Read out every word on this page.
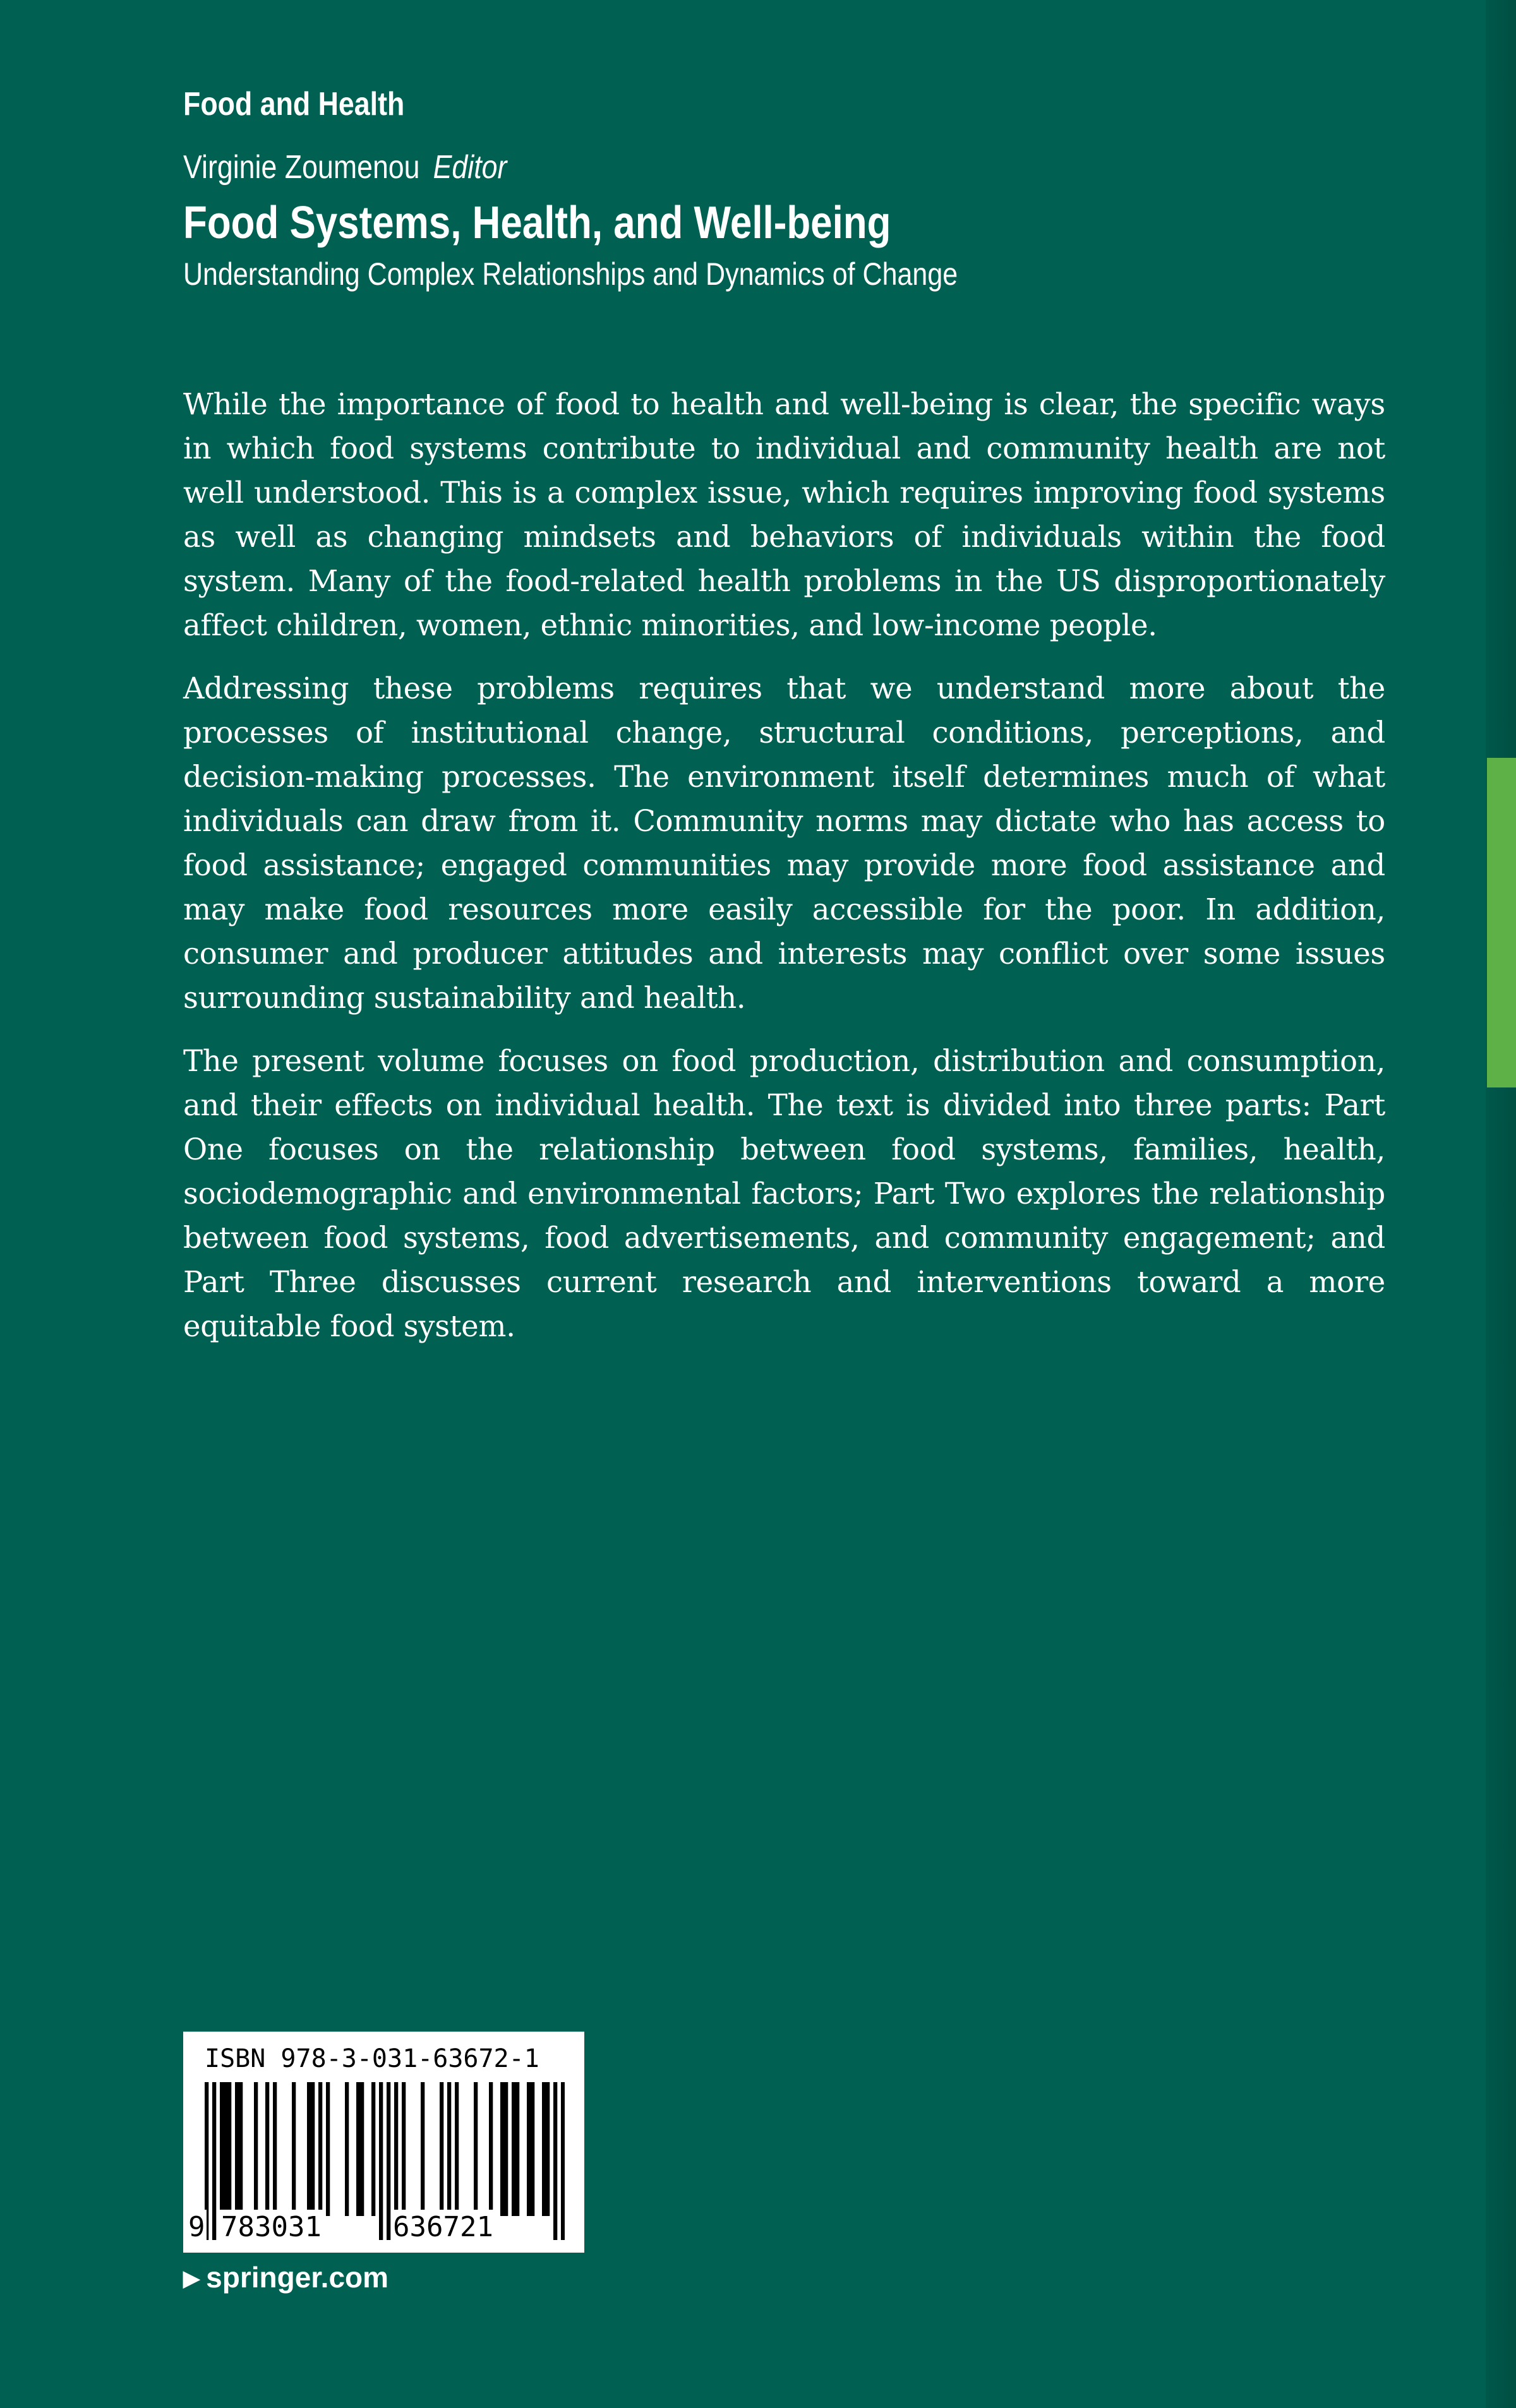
Food and Health
Virginie Zoumenou Editor
Food Systems, Health, and Well-being
Understanding Complex Relationships and Dynamics of Change

While the importance of food to health and well-being is clear, the specific ways in which food systems contribute to individual and community health are not well understood. This is a complex issue, which requires improving food systems as well as changing mindsets and behaviors of individuals within the food system. Many of the food-related health problems in the US disproportionately affect children, women, ethnic minorities, and low-income people.

Addressing these problems requires that we understand more about the processes of institutional change, structural conditions, perceptions, and decision-making processes. The environment itself determines much of what individuals can draw from it. Community norms may dictate who has access to food assistance; engaged communities may provide more food assistance and may make food resources more easily accessible for the poor. In addition, consumer and producer attitudes and interests may conflict over some issues surrounding sustainability and health.

The present volume focuses on food production, distribution and consumption, and their effects on individual health. The text is divided into three parts: Part One focuses on the relationship between food systems, families, health, sociodemographic and environmental factors; Part Two explores the relationship between food systems, food advertisements, and community engagement; and Part Three discusses current research and interventions toward a more equitable food system.

ISBN 978-3-031-63672-1
9 783031	636721
▶ springer.com
